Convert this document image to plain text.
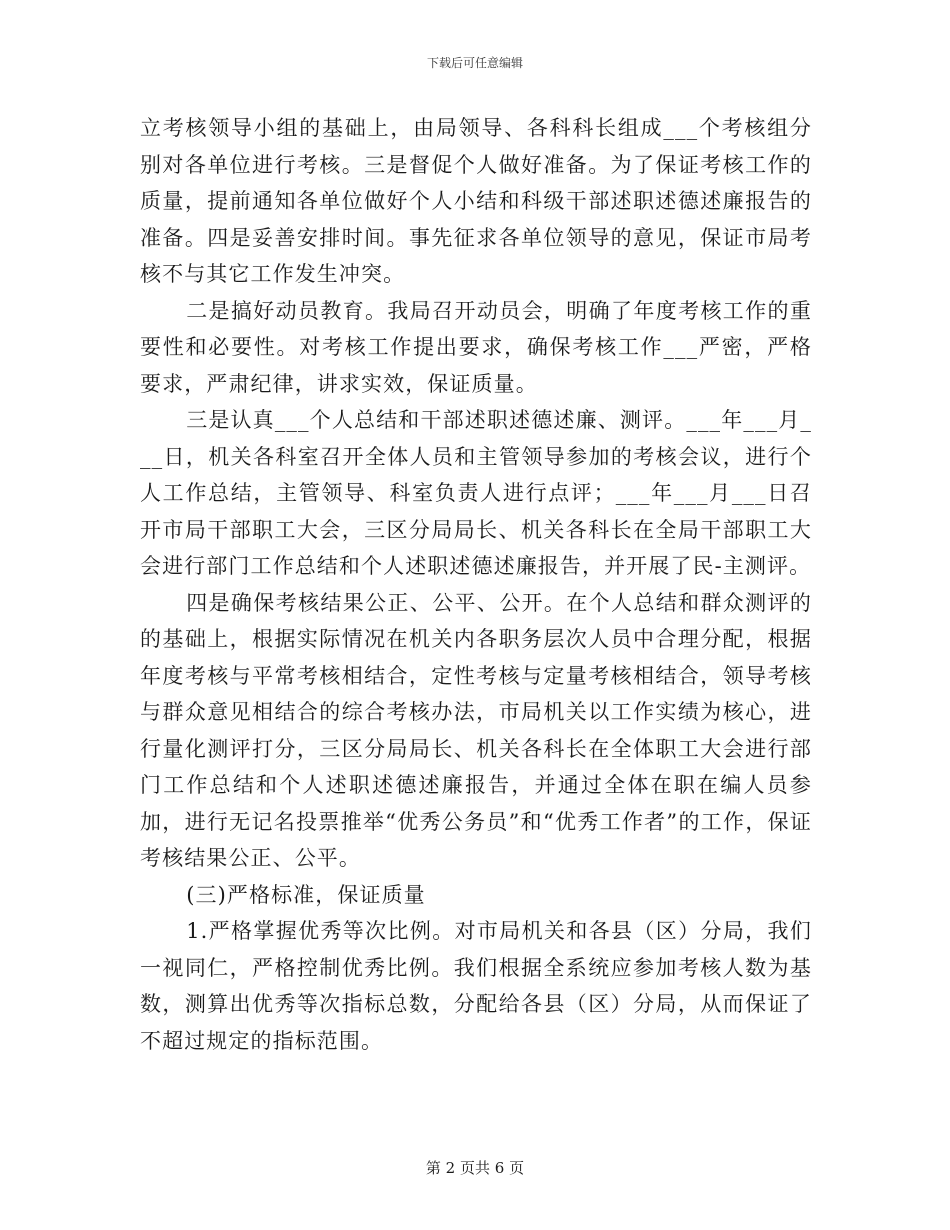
下载后可任意编辑

立考核领导小组的基础上，由局领导、各科科长组成___个考核组分别对各单位进行考核。三是督促个人做好准备。为了保证考核工作的质量，提前通知各单位做好个人小结和科级干部述职述德述廉报告的准备。四是妥善安排时间。事先征求各单位领导的意见，保证市局考核不与其它工作发生冲突。

二是搞好动员教育。我局召开动员会，明确了年度考核工作的重要性和必要性。对考核工作提出要求，确保考核工作___严密，严格要求，严肃纪律，讲求实效，保证质量。

三是认真___个人总结和干部述职述德述廉、测评。___年___月___日，机关各科室召开全体人员和主管领导参加的考核会议，进行个人工作总结，主管领导、科室负责人进行点评；___年___月___日召开市局干部职工大会，三区分局局长、机关各科长在全局干部职工大会进行部门工作总结和个人述职述德述廉报告，并开展了民-主测评。

四是确保考核结果公正、公平、公开。在个人总结和群众测评的的基础上，根据实际情况在机关内各职务层次人员中合理分配，根据年度考核与平常考核相结合，定性考核与定量考核相结合，领导考核与群众意见相结合的综合考核办法，市局机关以工作实绩为核心，进行量化测评打分，三区分局局长、机关各科长在全体职工大会进行部门工作总结和个人述职述德述廉报告，并通过全体在职在编人员参加，进行无记名投票推举“优秀公务员”和“优秀工作者”的工作，保证考核结果公正、公平。

(三)严格标准，保证质量

1.严格掌握优秀等次比例。对市局机关和各县（区）分局，我们一视同仁，严格控制优秀比例。我们根据全系统应参加考核人数为基数，测算出优秀等次指标总数，分配给各县（区）分局，从而保证了不超过规定的指标范围。

第 2 页共 6 页
